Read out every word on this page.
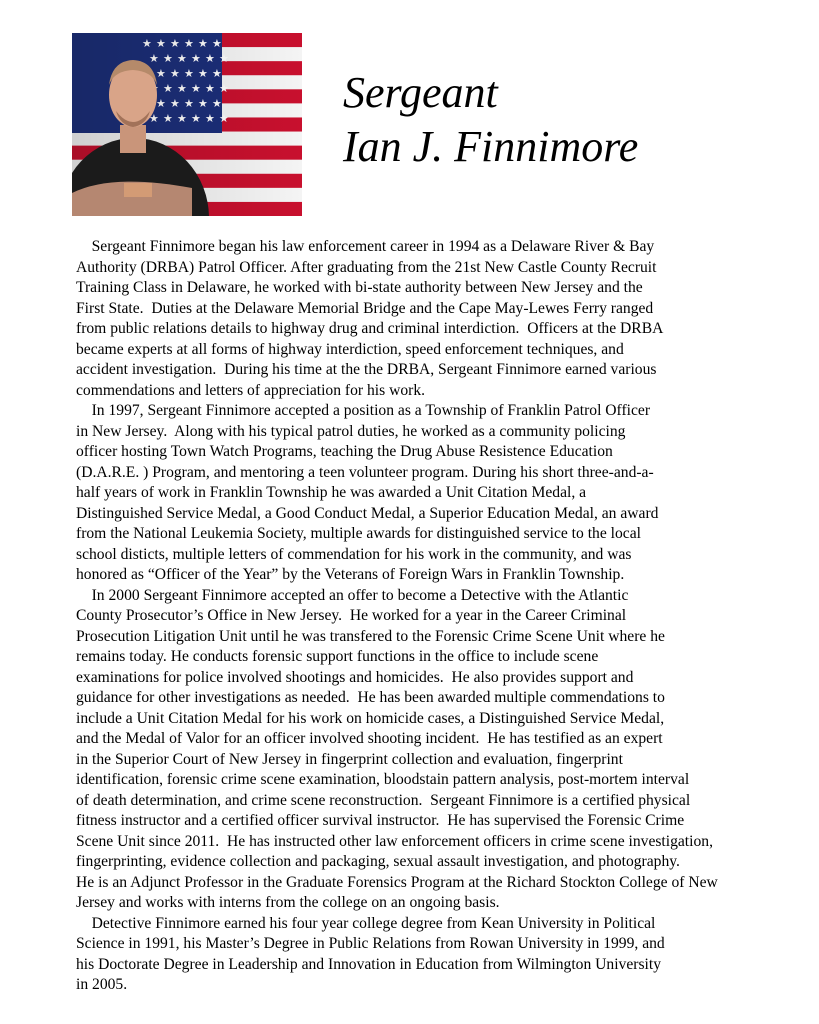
Sergeant
Ian J. Finnimore
Sergeant Finnimore began his law enforcement career in 1994 as a Delaware River & Bay
Authority (DRBA) Patrol Officer. After graduating from the 21st New Castle County Recruit
Training Class in Delaware, he worked with bi-state authority between New Jersey and the
First State.  Duties at the Delaware Memorial Bridge and the Cape May-Lewes Ferry ranged
from public relations details to highway drug and criminal interdiction.  Officers at the DRBA
became experts at all forms of highway interdiction, speed enforcement techniques, and
accident investigation.  During his time at the the DRBA, Sergeant Finnimore earned various
commendations and letters of appreciation for his work.
In 1997, Sergeant Finnimore accepted a position as a Township of Franklin Patrol Officer
in New Jersey.  Along with his typical patrol duties, he worked as a community policing
officer hosting Town Watch Programs, teaching the Drug Abuse Resistence Education
(D.A.R.E. ) Program, and mentoring a teen volunteer program. During his short three-and-a-
half years of work in Franklin Township he was awarded a Unit Citation Medal, a
Distinguished Service Medal, a Good Conduct Medal, a Superior Education Medal, an award
from the National Leukemia Society, multiple awards for distinguished service to the local
school disticts, multiple letters of commendation for his work in the community, and was
honored as “Officer of the Year” by the Veterans of Foreign Wars in Franklin Township.
In 2000 Sergeant Finnimore accepted an offer to become a Detective with the Atlantic
County Prosecutor’s Office in New Jersey.  He worked for a year in the Career Criminal
Prosecution Litigation Unit until he was transfered to the Forensic Crime Scene Unit where he
remains today. He conducts forensic support functions in the office to include scene
examinations for police involved shootings and homicides.  He also provides support and
guidance for other investigations as needed.  He has been awarded multiple commendations to
include a Unit Citation Medal for his work on homicide cases, a Distinguished Service Medal,
and the Medal of Valor for an officer involved shooting incident.  He has testified as an expert
in the Superior Court of New Jersey in fingerprint collection and evaluation, fingerprint
identification, forensic crime scene examination, bloodstain pattern analysis, post-mortem interval
of death determination, and crime scene reconstruction.  Sergeant Finnimore is a certified physical
fitness instructor and a certified officer survival instructor.  He has supervised the Forensic Crime
Scene Unit since 2011.  He has instructed other law enforcement officers in crime scene investigation,
fingerprinting, evidence collection and packaging, sexual assault investigation, and photography.
He is an Adjunct Professor in the Graduate Forensics Program at the Richard Stockton College of New
Jersey and works with interns from the college on an ongoing basis.
Detective Finnimore earned his four year college degree from Kean University in Political
Science in 1991, his Master’s Degree in Public Relations from Rowan University in 1999, and
his Doctorate Degree in Leadership and Innovation in Education from Wilmington University
in 2005.
